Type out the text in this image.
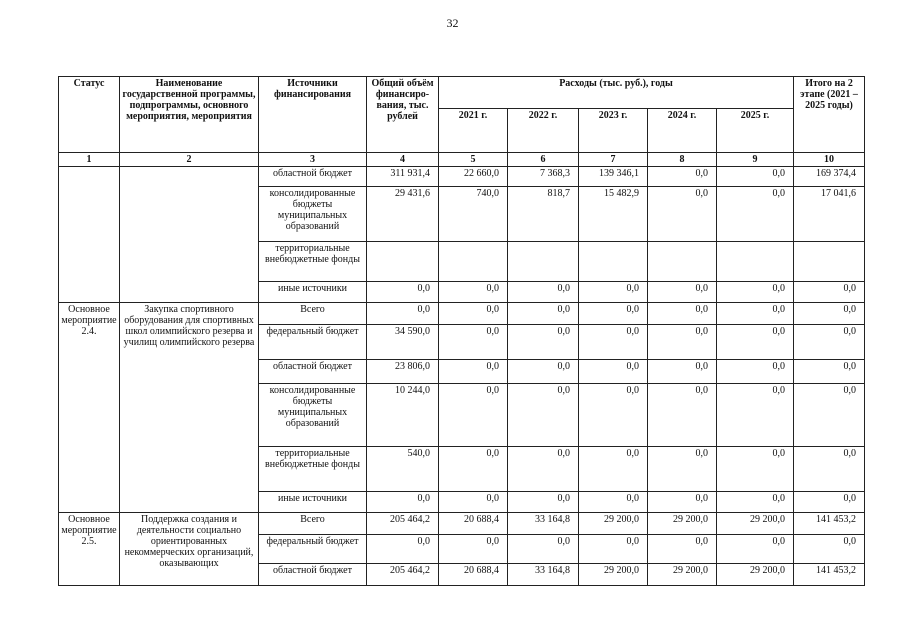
32
Статус	Наименование государственной программы, подпрограммы, основного мероприятия, мероприятия	Источники финансирования	Общий объём финансиро-вания, тыс. рублей	Расходы (тыс. руб.), годы					Итого на 2 этапе (2021 – 2025 годы)
				2021 г.	2022 г.	2023 г.	2024 г.	2025 г.	
1	2	3	4	5	6	7	8	9	10
		областной бюджет	311 931,4	22 660,0	7 368,3	139 346,1	0,0	0,0	169 374,4
		консолидированные бюджеты муниципальных образований	29 431,6	740,0	818,7	15 482,9	0,0	0,0	17 041,6
		территориальные внебюджетные фонды							
		иные источники	0,0	0,0	0,0	0,0	0,0	0,0	0,0
Основное мероприятие 2.4.	Закупка спортивного оборудования для спортивных школ олимпийского резерва и училищ олимпийского резерва	Всего	0,0	0,0	0,0	0,0	0,0	0,0	0,0
		федеральный бюджет	34 590,0	0,0	0,0	0,0	0,0	0,0	0,0
		областной бюджет	23 806,0	0,0	0,0	0,0	0,0	0,0	0,0
		консолидированные бюджеты муниципальных образований	10 244,0	0,0	0,0	0,0	0,0	0,0	0,0
		территориальные внебюджетные фонды	540,0	0,0	0,0	0,0	0,0	0,0	0,0
		иные источники	0,0	0,0	0,0	0,0	0,0	0,0	0,0
Основное мероприятие 2.5.	Поддержка создания и деятельности социально ориентированных некоммерческих организаций, оказывающих	Всего	205 464,2	20 688,4	33 164,8	29 200,0	29 200,0	29 200,0	141 453,2
		федеральный бюджет	0,0	0,0	0,0	0,0	0,0	0,0	0,0
		областной бюджет	205 464,2	20 688,4	33 164,8	29 200,0	29 200,0	29 200,0	141 453,2
